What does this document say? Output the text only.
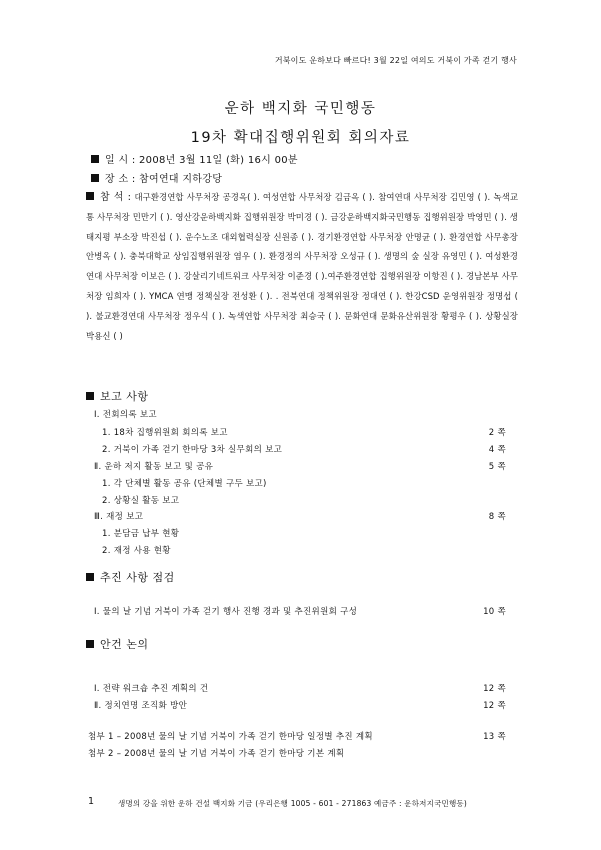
거북이도 운하보다 빠르다! 3월 22일 여의도 거북이 가족 걷기 행사
운하 백지화 국민행동
19차 확대집행위원회 회의자료
일 시 : 2008년 3월 11일 (화) 16시 00분
장 소 : 참여연대 지하강당
참 석 : 대구환경연합 사무처장 공경옥( ). 여성연합 사무처장 김금옥 ( ). 참여연대 사무처장 김민영 ( ). 녹색교통 사무처장 민만기 ( ). 영산강운하백지화 집행위원장 박미경 ( ). 금강운하백지화국민행동 집행위원장 박영민 ( ). 생태지평 부소장 박진섭 ( ). 운수노조 대외협력실장 신원종 ( ). 경기환경연합 사무처장 안명균 ( ). 환경연합 사무총장 안병옥 ( ). 충북대학교 상임집행위원장 염우 ( ). 환경정의 사무처장 오성규 ( ). 생명의 숲 실장 유영민 ( ). 여성환경연대 사무처장 이보은 ( ). 강살리기네트워크 사무처장 이준경 ( ).여주환경연합 집행위원장 이항진 ( ). 경남본부 사무처장 임희자 ( ). YMCA 연맹 정책실장 전성환 ( ). . 전북연대 정책위원장 정대연 ( ). 한강CSD 운영위원장 정명섭 ( ). 불교환경연대 사무처장 정우식 ( ). 녹색연합 사무처장 최승국 ( ). 문화연대 문화유산위원장 황평우 ( ). 상황실장 박용신 ( )
보고 사항
Ⅰ. 전회의록 보고
1. 18차 집행위원회 회의록 보고	2 쪽
2. 거북이 가족 걷기 한마당 3차 실무회의 보고	4 쪽
Ⅱ. 운하 저지 활동 보고 및 공유	5 쪽
1. 각 단체별 활동 공유 (단체별 구두 보고)
2. 상황실 활동 보고
Ⅲ. 재정 보고	8 쪽
1. 분담금 납부 현황
2. 재정 사용 현황
추진 사항 점검
Ⅰ. 물의 날 기념 거북이 가족 걷기 행사 진행 경과 및 추진위원회 구성	10 쪽
안건 논의
Ⅰ. 전략 워크숍 추진 계획의 건	12 쪽
Ⅱ. 정치연명 조직화 방안	12 쪽
첨부 1 – 2008년 물의 날 기념 거북이 가족 걷기 한마당 일정별 추진 계획	13 쪽
첨부 2 – 2008년 물의 날 기념 거북이 가족 걷기 한마당 기본 계획
1	생명의 강을 위한 운하 건설 백지화 기금 (우리은행 1005 - 601 - 271863 예금주 : 운하저지국민행동)
